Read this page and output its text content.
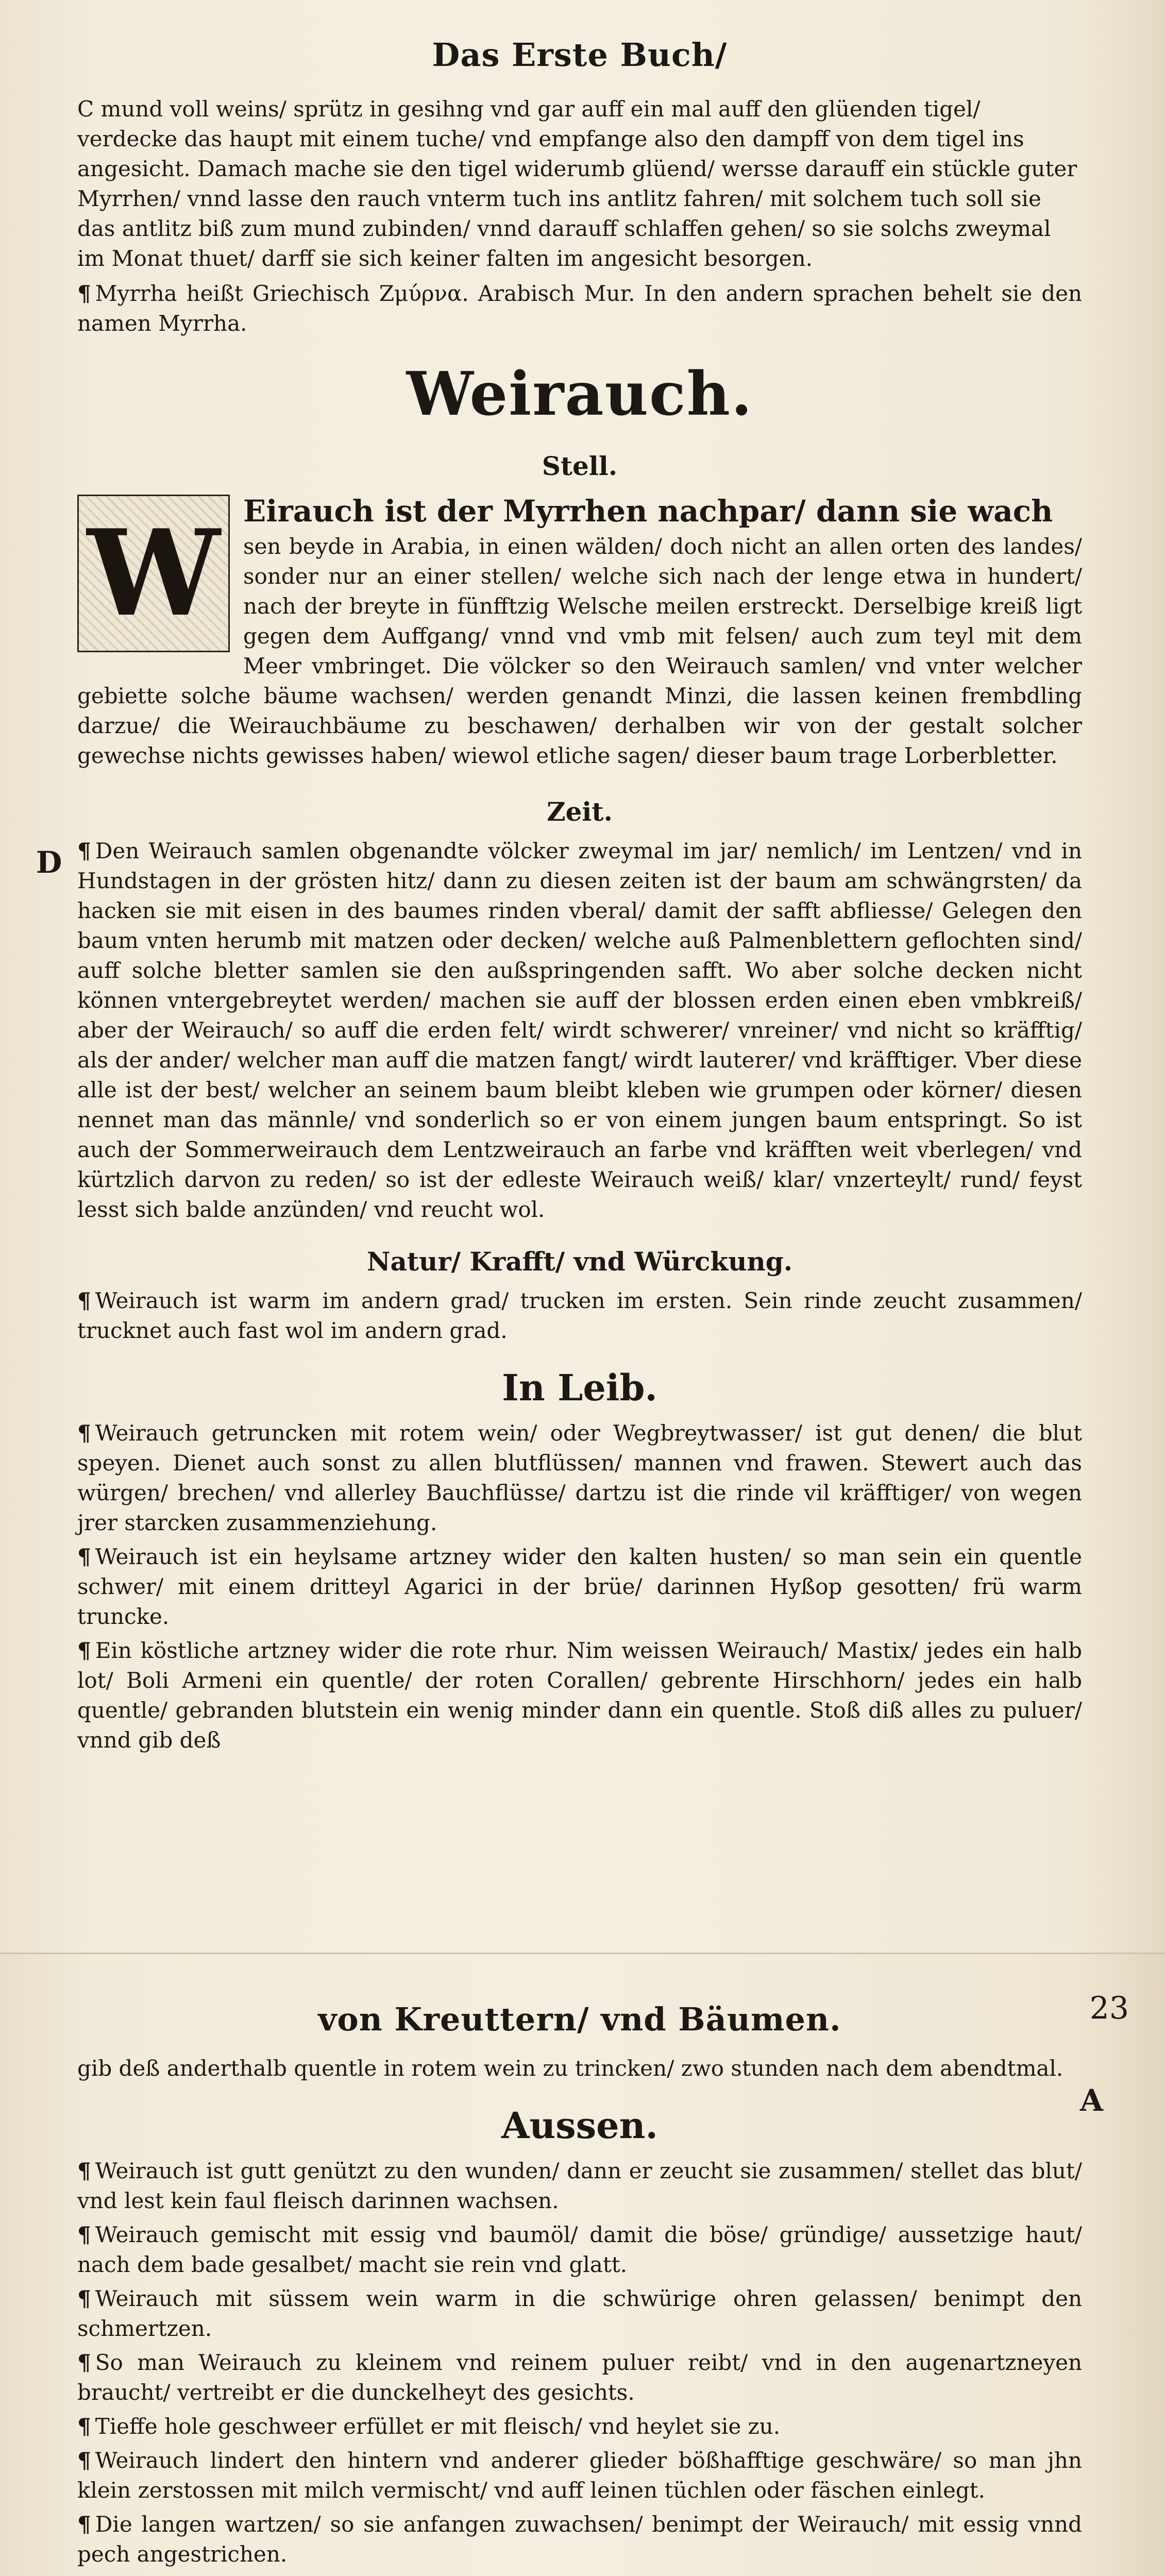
Das Erste Buch/

C mund voll weins/ sprütz in gesihng vnd gar auff ein mal auff den glüenden tigel/ verdecke das haupt mit einem tuche/ vnd empfange also den dampff von dem tigel ins angesicht. Damach mache sie den tigel widerumb glüend/ wersse darauff ein stückle guter Myrrhen/ vnnd lasse den rauch vnterm tuch ins antlitz fahren/ mit solchem tuch soll sie das antlitz biß zum mund zubinden/ vnnd darauff schlaffen gehen/ so sie solchs zweymal im Monat thuet/ darff sie sich keiner falten im angesicht besorgen.

¶ Myrrha heißt Griechisch Ζμύρνα. Arabisch Mur. In den andern sprachen behelt sie den namen Myrrha.

Weirauch.
Stell.
W Eirauch ist der Myrrhen nachpar/ dann sie wach
sen beyde in Arabia, in einen wälden/ doch nicht an allen orten des landes/ sonder nur an einer stellen/ welche sich nach der lenge etwa in hundert/ nach der breyte in fünfftzig Welsche meilen erstreckt. Derselbige kreiß ligt gegen dem Auffgang/ vnnd vnd vmb mit felsen/ auch zum teyl mit dem Meer vmbringet. Die völcker so den Weirauch samlen/ vnd vnter welcher gebiette solche bäume wachsen/ werden genandt Minzi, die lassen keinen frembdling darzue/ die Weirauchbäume zu beschawen/ derhalben wir von der gestalt solcher gewechse nichts gewisses haben/ wiewol etliche sagen/ dieser baum trage Lorberbletter.

Zeit.

¶ Den Weirauch samlen obgenandte völcker zweymal im jar/ nemlich/ im Lentzen/ vnd in Hundstagen in der grösten hitz/ dann zu diesen zeiten ist der baum am schwängrsten/ da hacken sie mit eisen in des baumes rinden vberal/ damit der safft abfliesse/ Gelegen den baum vnten herumb mit matzen oder decken/ welche auß Palmenblettern geflochten sind/ auff solche bletter samlen sie den außspringenden safft. Wo aber solche decken nicht können vntergebreytet werden/ machen sie auff der blossen erden einen eben vmbkreiß/ aber der Weirauch/ so auff die erden felt/ wirdt schwerer/ vnreiner/ vnd nicht so kräfftig/ als der ander/ welcher man auff die matzen fangt/ wirdt lauterer/ vnd kräfftiger. Vber diese alle ist der best/ welcher an seinem baum bleibt kleben wie grumpen oder körner/ diesen nennet man das männle/ vnd sonderlich so er von einem jungen baum entspringt. So ist auch der Sommerweirauch dem Lentzweirauch an farbe vnd kräfften weit vberlegen/ vnd kürtzlich darvon zu reden/ so ist der edleste Weirauch weiß/ klar/ vnzerteylt/ rund/ feyst lesst sich balde anzünden/ vnd reucht wol.

Natur/ Krafft/ vnd Würckung.

¶ Weirauch ist warm im andern grad/ trucken im ersten. Sein rinde zeucht zusammen/ trucknet auch fast wol im andern grad.

In Leib.

¶ Weirauch getruncken mit rotem wein/ oder Wegbreytwasser/ ist gut denen/ die blut speyen. Dienet auch sonst zu allen blutflüssen/ mannen vnd frawen. Stewert auch das würgen/ brechen/ vnd allerley Bauchflüsse/ dartzu ist die rinde vil kräfftiger/ von wegen jrer starcken zusammenziehung.

¶ Weirauch ist ein heylsame artzney wider den kalten husten/ so man sein ein quentle schwer/ mit einem dritteyl Agarici in der brüe/ darinnen Hyßop gesotten/ frü warm truncke.

¶ Ein köstliche artzney wider die rote rhur. Nim weissen Weirauch/ Mastix/ jedes ein halb lot/ Boli Armeni ein quentle/ der roten Corallen/ gebrente Hirschhorn/ jedes ein halb quentle/ gebranden blutstein ein wenig minder dann ein quentle. Stoß diß alles zu puluer/ vnnd gib deß

D
23
von Kreuttern/ vnd Bäumen.

gib deß anderthalb quentle in rotem wein zu trincken/ zwo stunden nach dem abendtmal.

Aussen.

¶ Weirauch ist gutt genützt zu den wunden/ dann er zeucht sie zusammen/ stellet das blut/ vnd lest kein faul fleisch darinnen wachsen.

¶ Weirauch gemischt mit essig vnd baumöl/ damit die böse/ gründige/ aussetzige haut/ nach dem bade gesalbet/ macht sie rein vnd glatt.

¶ Weirauch mit süssem wein warm in die schwürige ohren gelassen/ benimpt den schmertzen.

¶ So man Weirauch zu kleinem vnd reinem puluer reibt/ vnd in den augenartzneyen braucht/ vertreibt er die dunckelheyt des gesichts.

¶ Tieffe hole geschweer erfüllet er mit fleisch/ vnd heylet sie zu.

¶ Weirauch lindert den hintern vnd anderer glieder bößhafftige geschwäre/ so man jhn klein zerstossen mit milch vermischt/ vnd auff leinen tüchlen oder fäschen einlegt.

¶ Die langen wartzen/ so sie anfangen zuwachsen/ benimpt der Weirauch/ mit essig vnnd pech angestrichen.

A
